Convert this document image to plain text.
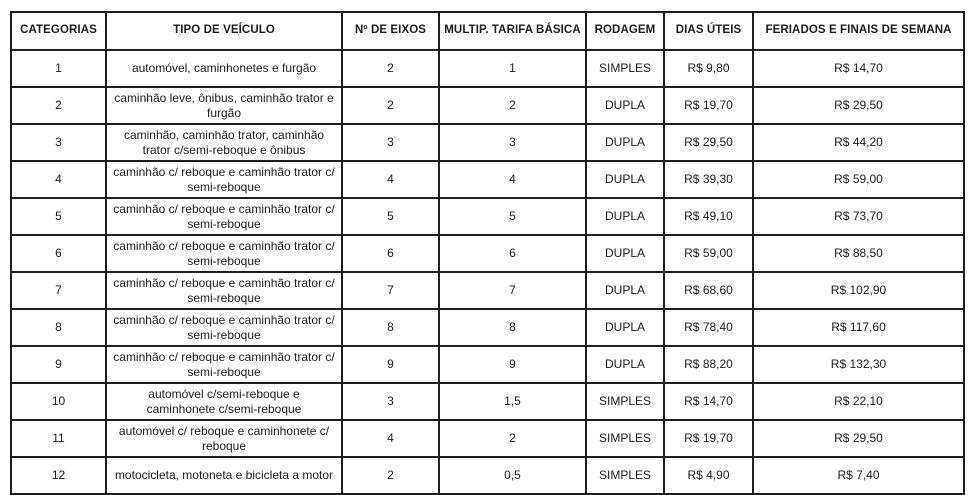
CATEGORIAS	TIPO DE VEÍCULO	Nº DE EIXOS	MULTIP. TARIFA BÁSICA	RODAGEM	DIAS ÚTEIS	FERIADOS E FINAIS DE SEMANA
1	automóvel, caminhonetes e furgão	2	1	SIMPLES	R$ 9,80	R$ 14,70
2	caminhão leve, ônibus, caminhão trator e furgão	2	2	DUPLA	R$ 19,70	R$ 29,50
3	caminhão, caminhão trator, caminhão trator c/semi-reboque e ônibus	3	3	DUPLA	R$ 29,50	R$ 44,20
4	caminhão c/ reboque e caminhão trator c/ semi-reboque	4	4	DUPLA	R$ 39,30	R$ 59,00
5	caminhão c/ reboque e caminhão trator c/ semi-reboque	5	5	DUPLA	R$ 49,10	R$ 73,70
6	caminhão c/ reboque e caminhão trator c/ semi-reboque	6	6	DUPLA	R$ 59,00	R$ 88,50
7	caminhão c/ reboque e caminhão trator c/ semi-reboque	7	7	DUPLA	R$ 68,60	R$ 102,90
8	caminhão c/ reboque e caminhão trator c/ semi-reboque	8	8	DUPLA	R$ 78,40	R$ 117,60
9	caminhão c/ reboque e caminhão trator c/ semi-reboque	9	9	DUPLA	R$ 88,20	R$ 132,30
10	automóvel c/semi-reboque e caminhonete c/semi-reboque	3	1,5	SIMPLES	R$ 14,70	R$ 22,10
11	automóvel c/ reboque e caminhonete c/ reboque	4	2	SIMPLES	R$ 19,70	R$ 29,50
12	motocicleta, motoneta e bicicleta a motor	2	0,5	SIMPLES	R$ 4,90	R$ 7,40
